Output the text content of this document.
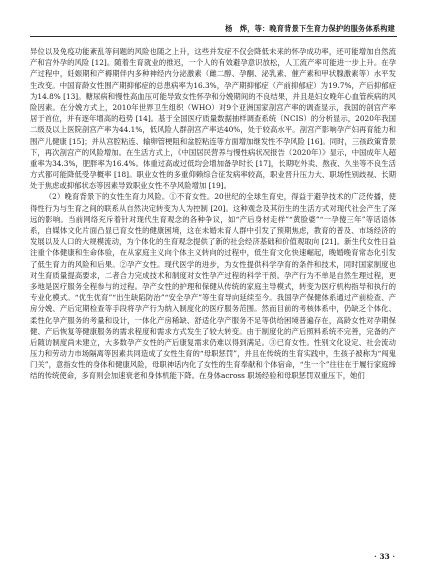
杨　烨，等：晚育背景下生育力保护的服务体系构建

异位以及免疫功能紊乱等问题的风险也随之上升，这些并发症不仅会降低未来的怀孕成功率，还可能增加自然流产和宫外孕的风险 [12]。随着生育就业的推迟，一个人的有效避孕意识放松，人工流产率可能进一步上升。在孕产过程中，妊娠期和产褥期伴内多种神经内分泌激素（雌二醇、孕酮、泌乳素、催产素和甲状腺激素等）水平发生改变。中国育龄女性围产期抑郁症的总患病率为16.3%，孕产期抑郁症（产前抑郁症）为19.7%，产后抑郁症为14.8% [13]。糖尿病和慢性高血压可能导致女性怀孕和分娩期间的不良结果，并且是妇女晚年心血管疾病的风险因素。在分娩方式上，2010年世界卫生组织（WHO）对9个亚洲国家剖宫产率的调查显示，我国的剖宫产率居于首位，并有逐年增高的趋势 [14]。基于全国医疗质量数据抽样调查系统（NCIS）的分析显示，2020年我国二级及以上医院剖宫产率为44.1%，低风险人群剖宫产率达40%，处于较高水平。剖宫产影响孕产妇再育能力和围产儿健康 [15]；并从宫腔粘连、输卵管梗阻和盆腔粘连等方面增加继发性不孕风险 [16]。同时，三孩政策背景下，再次剖宫产的风险增加。在生活方式上，《中国居民营养与慢性病状况报告（2020年）》显示，中国成年人超重率为34.3%，肥胖率为16.4%。体重过高或过低均会增加备孕时长 [17]，长期吃外卖、熬夜、久坐等不良生活方式都可能降低受孕概率 [18]。职业女性的多重仰赖综合征发病率较高，职业晋升压力大、职场性别歧视、长期处于焦虑或抑郁状态等因素导致职业女性不孕风险增加 [19]。

（2）晚育背景下的女性生育力风险。①不育女性。20世纪的全球生育史，得益于避孕技术的广泛传播，使得性行为与生育之间的联系从自然决定转变为人为控制 [20]。这种观念及其衍生的生活方式对现代社会产生了深远的影响。当前网络充斥着针对现代生育观念的各种争议，如“产后身材走样”“黄脸婆”“一孕傻三年”等话语体系，自媒体文化片面凸显已育女性的健康困境，这在未婚未育人群中引发了预期焦虑，教育的普及、市场经济的发展以及人口的大规模流动，为个体化的生育观念提供了新的社会经济基础和价值观取向 [21]。新生代女性日益注重个体健康和生命体验，在从家庭主义向个体主义转向的过程中，低生育文化快速崛起，晚婚晚育常态化引发了低生育力的风险和后果。②孕产女性。现代医学的进步，为女性提供科学孕育的条件和技术，同时国家制度也对生育质量提高要求，二者合力完成技术和制度对女性孕产过程的科学干预。孕产行为不单是自然生理过程，更多地是医疗服务全程参与的过程。孕产女性的护理和保健从传统的家庭主导模式，转变为医疗机构指导和执行的专业化模式。“优生优育”“出生缺陷防治”“安全孕产”等生育导向延续至今。我国孕产保健体系通过产前检查、产房分娩、产后定期检查等手段将孕产行为纳入制度化的医疗服务范围。然而目前的考核体系中，仍缺乏个体化、柔性化孕产服务的考量和设计，一体化产房稀缺、舒适化孕产服务不足等供给困境普遍存在，高龄女性对孕期保健、产后恢复等健康服务的需求程度和需求方式发生了较大转变。由于制度化的产后照料系统不完善，完备的产后随访制度尚未建立，大多数孕产女性的产后康复需求仍难以得到满足。③已育女性。性别文化设定、社会流动压力和劳动力市场隔离等因素共同造成了女性生育的“母职惩罚”，并且在传统的生育实践中，生孩子被称为“闯鬼门关”，意指女性的身体和健康风险，母职神话内化了女性的生育奉献和个体宿命，“生一个”往往在于履行家庭缔结的传统使命，多育则会加速衰老和身体机能下降。在身体across 职场经验和母职惩罚双重压下，她们

· 33 ·
